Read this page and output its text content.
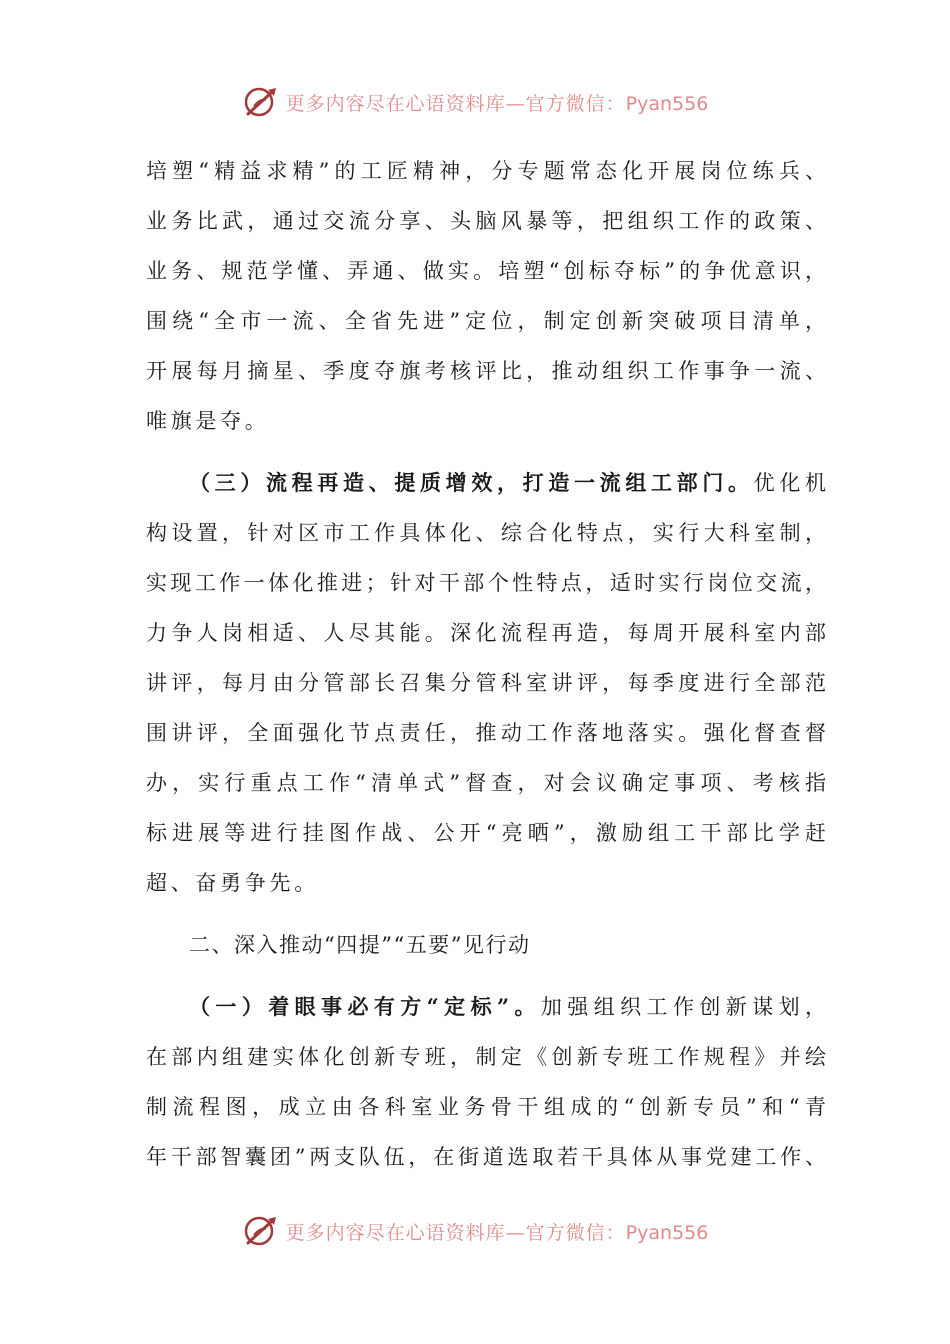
更多内容尽在心语资料库—官方微信：Pyan556
培塑“精益求精”的工匠精神，分专题常态化开展岗位练兵、
业务比武，通过交流分享、头脑风暴等，把组织工作的政策、
业务、规范学懂、弄通、做实。培塑“创标夺标”的争优意识，
围绕“全市一流、全省先进”定位，制定创新突破项目清单，
开展每月摘星、季度夺旗考核评比，推动组织工作事争一流、
唯旗是夺。
（三）流程再造、提质增效，打造一流组工部门。优化机
构设置，针对区市工作具体化、综合化特点，实行大科室制，
实现工作一体化推进；针对干部个性特点，适时实行岗位交流，
力争人岗相适、人尽其能。深化流程再造，每周开展科室内部
讲评，每月由分管部长召集分管科室讲评，每季度进行全部范
围讲评，全面强化节点责任，推动工作落地落实。强化督查督
办，实行重点工作“清单式”督查，对会议确定事项、考核指
标进展等进行挂图作战、公开“亮晒”，激励组工干部比学赶
超、奋勇争先。
二、深入推动“四提”“五要”见行动
（一）着眼事必有方“定标”。加强组织工作创新谋划，
在部内组建实体化创新专班，制定《创新专班工作规程》并绘
制流程图，成立由各科室业务骨干组成的“创新专员”和“青
年干部智囊团”两支队伍，在街道选取若干具体从事党建工作、
更多内容尽在心语资料库—官方微信：Pyan556
